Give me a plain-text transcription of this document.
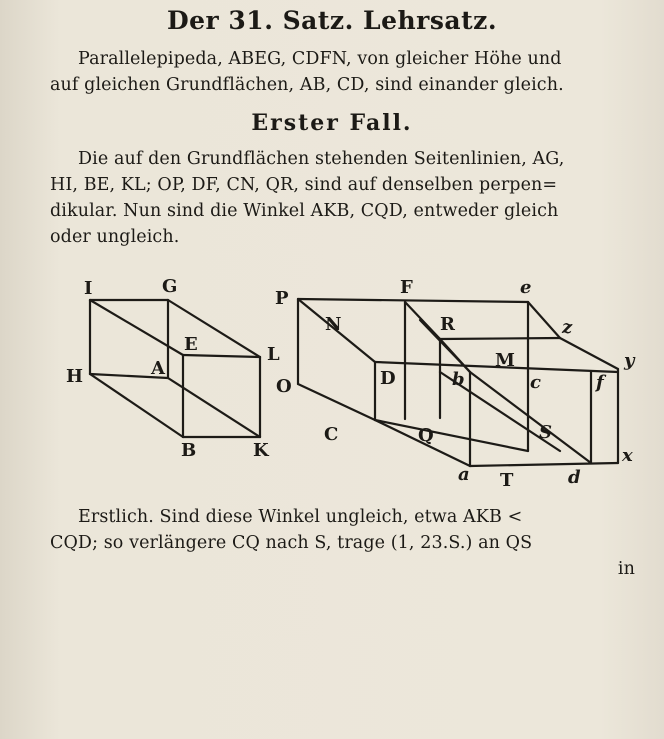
Der 31. Satz. Lehrsatz.
Parallelepipeda, ABEG, CDFN, von gleicher Höhe und
auf gleichen Grundflächen, AB, CD, sind einander gleich.
Erster Fall.
Die auf den Grundflächen stehenden Seitenlinien, AG,
HI, BE, KL; OP, DF, CN, QR, sind auf denselben perpen=
dikular. Nun sind die Winkel AKB, CQD, entweder gleich
oder ungleich.
I	G
H	A
E	L
B	K
P
F	e
N	R	z
M	y
O	D	b	c	f
C	Q	S
x
a T	d
Erstlich. Sind diese Winkel ungleich, etwa AKB <
CQD; so verlängere CQ nach S, trage (1, 23.S.) an QS
in
